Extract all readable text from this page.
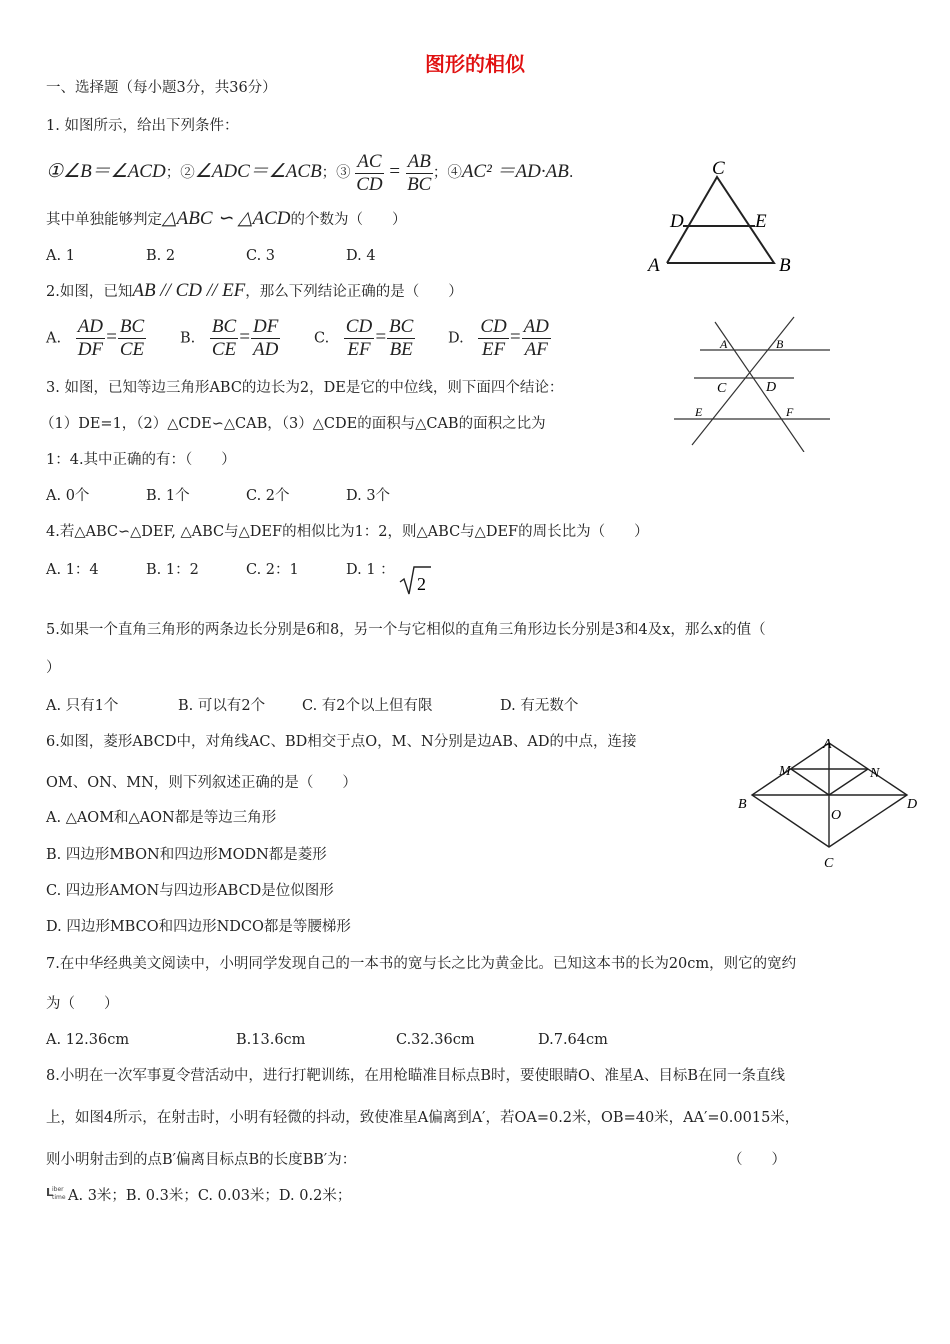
图形的相似
一、选择题（每小题3分，共36分）
1. 如图所示，给出下列条件：
①∠B＝∠ACD；②∠ADC＝∠ACB；③ $\frac{AC}{CD} = \frac{AB}{BC}$ ；④AC² ＝AD·AB.
其中单独能够判定△ABC ∽ △ACD的个数为（　　）
A. 1	B. 2	C. 3	D. 4
C
D	E
A	B
2.如图，已知AB // CD // EF，那么下列结论正确的是（　　）
A. $\frac{AD}{DF} = \frac{BC}{CE} B$. $\frac{BC}{CE} = \frac{DF}{AD} C$. $\frac{CD}{EF} = \frac{BC}{BE} D$. $\frac{CD}{EF} = \frac{AD}{AF}$	A	B
C	D
E	F
3. 如图，已知等边三角形ABC的边长为2，DE是它的中位线，则下面四个结论：
（1）DE=1，（2）△CDE∽△CAB，（3）△CDE的面积与△CAB的面积之比为
1：4.其中正确的有：（　　）
A. 0个	B. 1个	C. 2个	D. 3个
4.若△ABC∽△DEF, △ABC与△DEF的相似比为1：2，则△ABC与△DEF的周长比为（　　）
A. 1：4	B. 1：2	C. 2：1	D. 1 ：
2
5.如果一个直角三角形的两条边长分别是6和8，另一个与它相似的直角三角形边长分别是3和4及x，那么x的值（
）
A. 只有1个	B. 可以有2个	C. 有2个以上但有限	D. 有无数个
6.如图，菱形ABCD中，对角线AC、BD相交于点O，M、N分别是边AB、AD的中点，连接
OM、ON、MN，则下列叙述正确的是（　　）
A. △AOM和△AON都是等边三角形
B. 四边形MBON和四边形MODN都是菱形
C. 四边形AMON与四边形ABCD是位似图形
D. 四边形MBCO和四边形NDCO都是等腰梯形
A
M	N
B
O
D
C
7.在中华经典美文阅读中，小明同学发现自己的一本书的宽与长之比为黄金比。已知这本书的长为20cm，则它的宽约
为（　　）
A. 12.36cm	B.13.6cm	C.32.36cm	D.7.64cm
8.小明在一次军事夏令营活动中，进行打靶训练，在用枪瞄准目标点B时，要使眼睛O、准星A、目标B在同一条直线
上，如图4所示，在射击时，小明有轻微的抖动，致使准星A偏离到A′，若OA=0.2米，OB=40米，AA′=0.0015米，
则小明射击到的点B′偏离目标点B的长度BB′为：	（　　）
L
iber
time A. 3米；B. 0.3米；C. 0.03米；D. 0.2米；
